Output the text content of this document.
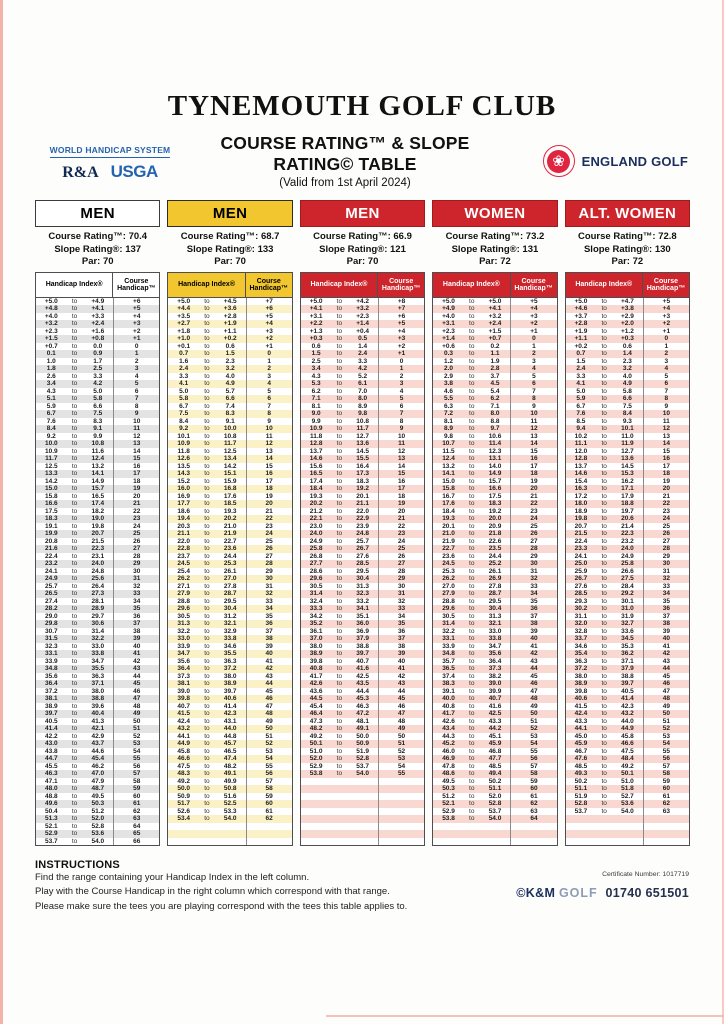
TYNEMOUTH GOLF CLUB
WORLD HANDICAP SYSTEM
R&A USGA
COURSE RATING™ & SLOPE RATING© TABLE
(Valid from 1st April 2024)
❀	ENGLAND GOLF
MEN
Course Rating™: 70.4
Slope Rating®: 137
Par: 70
Handicap Index®	Course Handicap™
+5.0	to	+4.9	+6
+4.8	to	+4.1	+5
+4.0	to	+3.3	+4
+3.2	to	+2.4	+3
+2.3	to	+1.6	+2
+1.5	to	+0.8	+1
+0.7	to	0.0	0
0.1	to	0.9	1
1.0	to	1.7	2
1.8	to	2.5	3
2.6	to	3.3	4
3.4	to	4.2	5
4.3	to	5.0	6
5.1	to	5.8	7
5.9	to	6.6	8
6.7	to	7.5	9
7.6	to	8.3	10
8.4	to	9.1	11
9.2	to	9.9	12
10.0	to	10.8	13
10.9	to	11.6	14
11.7	to	12.4	15
12.5	to	13.2	16
13.3	to	14.1	17
14.2	to	14.9	18
15.0	to	15.7	19
15.8	to	16.5	20
16.6	to	17.4	21
17.5	to	18.2	22
18.3	to	19.0	23
19.1	to	19.8	24
19.9	to	20.7	25
20.8	to	21.5	26
21.6	to	22.3	27
22.4	to	23.1	28
23.2	to	24.0	29
24.1	to	24.8	30
24.9	to	25.6	31
25.7	to	26.4	32
26.5	to	27.3	33
27.4	to	28.1	34
28.2	to	28.9	35
29.0	to	29.7	36
29.8	to	30.6	37
30.7	to	31.4	38
31.5	to	32.2	39
32.3	to	33.0	40
33.1	to	33.8	41
33.9	to	34.7	42
34.8	to	35.5	43
35.6	to	36.3	44
36.4	to	37.1	45
37.2	to	38.0	46
38.1	to	38.8	47
38.9	to	39.6	48
39.7	to	40.4	49
40.5	to	41.3	50
41.4	to	42.1	51
42.2	to	42.9	52
43.0	to	43.7	53
43.8	to	44.6	54
44.7	to	45.4	55
45.5	to	46.2	56
46.3	to	47.0	57
47.1	to	47.9	58
48.0	to	48.7	59
48.8	to	49.5	60
49.6	to	50.3	61
50.4	to	51.2	62
51.3	to	52.0	63
52.1	to	52.8	64
52.9	to	53.6	65
53.7	to	54.0	66
MEN
Course Rating™: 68.7
Slope Rating®: 133
Par: 70
Handicap Index®	Course Handicap™
+5.0	to	+4.5	+7
+4.4	to	+3.6	+6
+3.5	to	+2.8	+5
+2.7	to	+1.9	+4
+1.8	to	+1.1	+3
+1.0	to	+0.2	+2
+0.1	to	0.6	+1
0.7	to	1.5	0
1.6	to	2.3	1
2.4	to	3.2	2
3.3	to	4.0	3
4.1	to	4.9	4
5.0	to	5.7	5
5.8	to	6.6	6
6.7	to	7.4	7
7.5	to	8.3	8
8.4	to	9.1	9
9.2	to	10.0	10
10.1	to	10.8	11
10.9	to	11.7	12
11.8	to	12.5	13
12.6	to	13.4	14
13.5	to	14.2	15
14.3	to	15.1	16
15.2	to	15.9	17
16.0	to	16.8	18
16.9	to	17.6	19
17.7	to	18.5	20
18.6	to	19.3	21
19.4	to	20.2	22
20.3	to	21.0	23
21.1	to	21.9	24
22.0	to	22.7	25
22.8	to	23.6	26
23.7	to	24.4	27
24.5	to	25.3	28
25.4	to	26.1	29
26.2	to	27.0	30
27.1	to	27.8	31
27.9	to	28.7	32
28.8	to	29.5	33
29.6	to	30.4	34
30.5	to	31.2	35
31.3	to	32.1	36
32.2	to	32.9	37
33.0	to	33.8	38
33.9	to	34.6	39
34.7	to	35.5	40
35.6	to	36.3	41
36.4	to	37.2	42
37.3	to	38.0	43
38.1	to	38.9	44
39.0	to	39.7	45
39.8	to	40.6	46
40.7	to	41.4	47
41.5	to	42.3	48
42.4	to	43.1	49
43.2	to	44.0	50
44.1	to	44.8	51
44.9	to	45.7	52
45.8	to	46.5	53
46.6	to	47.4	54
47.5	to	48.2	55
48.3	to	49.1	56
49.2	to	49.9	57
50.0	to	50.8	58
50.9	to	51.6	59
51.7	to	52.5	60
52.6	to	53.3	61
53.4	to	54.0	62
MEN
Course Rating™: 66.9
Slope Rating®: 121
Par: 70
Handicap Index®	Course Handicap™
+5.0	to	+4.2	+8
+4.1	to	+3.2	+7
+3.1	to	+2.3	+6
+2.2	to	+1.4	+5
+1.3	to	+0.4	+4
+0.3	to	0.5	+3
0.6	to	1.4	+2
1.5	to	2.4	+1
2.5	to	3.3	0
3.4	to	4.2	1
4.3	to	5.2	2
5.3	to	6.1	3
6.2	to	7.0	4
7.1	to	8.0	5
8.1	to	8.9	6
9.0	to	9.8	7
9.9	to	10.8	8
10.9	to	11.7	9
11.8	to	12.7	10
12.8	to	13.6	11
13.7	to	14.5	12
14.6	to	15.5	13
15.6	to	16.4	14
16.5	to	17.3	15
17.4	to	18.3	16
18.4	to	19.2	17
19.3	to	20.1	18
20.2	to	21.1	19
21.2	to	22.0	20
22.1	to	22.9	21
23.0	to	23.9	22
24.0	to	24.8	23
24.9	to	25.7	24
25.8	to	26.7	25
26.8	to	27.6	26
27.7	to	28.5	27
28.6	to	29.5	28
29.6	to	30.4	29
30.5	to	31.3	30
31.4	to	32.3	31
32.4	to	33.2	32
33.3	to	34.1	33
34.2	to	35.1	34
35.2	to	36.0	35
36.1	to	36.9	36
37.0	to	37.9	37
38.0	to	38.8	38
38.9	to	39.7	39
39.8	to	40.7	40
40.8	to	41.6	41
41.7	to	42.5	42
42.6	to	43.5	43
43.6	to	44.4	44
44.5	to	45.3	45
45.4	to	46.3	46
46.4	to	47.2	47
47.3	to	48.1	48
48.2	to	49.1	49
49.2	to	50.0	50
50.1	to	50.9	51
51.0	to	51.9	52
52.0	to	52.8	53
52.9	to	53.7	54
53.8	to	54.0	55
WOMEN
Course Rating™: 73.2
Slope Rating®: 131
Par: 72
Handicap Index®	Course Handicap™
+5.0	to	+5.0	+5
+4.9	to	+4.1	+4
+4.0	to	+3.2	+3
+3.1	to	+2.4	+2
+2.3	to	+1.5	+1
+1.4	to	+0.7	0
+0.6	to	0.2	1
0.3	to	1.1	2
1.2	to	1.9	3
2.0	to	2.8	4
2.9	to	3.7	5
3.8	to	4.5	6
4.6	to	5.4	7
5.5	to	6.2	8
6.3	to	7.1	9
7.2	to	8.0	10
8.1	to	8.8	11
8.9	to	9.7	12
9.8	to	10.6	13
10.7	to	11.4	14
11.5	to	12.3	15
12.4	to	13.1	16
13.2	to	14.0	17
14.1	to	14.9	18
15.0	to	15.7	19
15.8	to	16.6	20
16.7	to	17.5	21
17.6	to	18.3	22
18.4	to	19.2	23
19.3	to	20.0	24
20.1	to	20.9	25
21.0	to	21.8	26
21.9	to	22.6	27
22.7	to	23.5	28
23.6	to	24.4	29
24.5	to	25.2	30
25.3	to	26.1	31
26.2	to	26.9	32
27.0	to	27.8	33
27.9	to	28.7	34
28.8	to	29.5	35
29.6	to	30.4	36
30.5	to	31.3	37
31.4	to	32.1	38
32.2	to	33.0	39
33.1	to	33.8	40
33.9	to	34.7	41
34.8	to	35.6	42
35.7	to	36.4	43
36.5	to	37.3	44
37.4	to	38.2	45
38.3	to	39.0	46
39.1	to	39.9	47
40.0	to	40.7	48
40.8	to	41.6	49
41.7	to	42.5	50
42.6	to	43.3	51
43.4	to	44.2	52
44.3	to	45.1	53
45.2	to	45.9	54
46.0	to	46.8	55
46.9	to	47.7	56
47.8	to	48.5	57
48.6	to	49.4	58
49.5	to	50.2	59
50.3	to	51.1	60
51.2	to	52.0	61
52.1	to	52.8	62
52.9	to	53.7	63
53.8	to	54.0	64
ALT. WOMEN
Course Rating™: 72.8
Slope Rating®: 130
Par: 72
Handicap Index®	Course Handicap™
+5.0	to	+4.7	+5
+4.6	to	+3.8	+4
+3.7	to	+2.9	+3
+2.8	to	+2.0	+2
+1.9	to	+1.2	+1
+1.1	to	+0.3	0
+0.2	to	0.6	1
0.7	to	1.4	2
1.5	to	2.3	3
2.4	to	3.2	4
3.3	to	4.0	5
4.1	to	4.9	6
5.0	to	5.8	7
5.9	to	6.6	8
6.7	to	7.5	9
7.6	to	8.4	10
8.5	to	9.3	11
9.4	to	10.1	12
10.2	to	11.0	13
11.1	to	11.9	14
12.0	to	12.7	15
12.8	to	13.6	16
13.7	to	14.5	17
14.6	to	15.3	18
15.4	to	16.2	19
16.3	to	17.1	20
17.2	to	17.9	21
18.0	to	18.8	22
18.9	to	19.7	23
19.8	to	20.6	24
20.7	to	21.4	25
21.5	to	22.3	26
22.4	to	23.2	27
23.3	to	24.0	28
24.1	to	24.9	29
25.0	to	25.8	30
25.9	to	26.6	31
26.7	to	27.5	32
27.6	to	28.4	33
28.5	to	29.2	34
29.3	to	30.1	35
30.2	to	31.0	36
31.1	to	31.9	37
32.0	to	32.7	38
32.8	to	33.6	39
33.7	to	34.5	40
34.6	to	35.3	41
35.4	to	36.2	42
36.3	to	37.1	43
37.2	to	37.9	44
38.0	to	38.8	45
38.9	to	39.7	46
39.8	to	40.5	47
40.6	to	41.4	48
41.5	to	42.3	49
42.4	to	43.2	50
43.3	to	44.0	51
44.1	to	44.9	52
45.0	to	45.8	53
45.9	to	46.6	54
46.7	to	47.5	55
47.6	to	48.4	56
48.5	to	49.2	57
49.3	to	50.1	58
50.2	to	51.0	59
51.1	to	51.8	60
51.9	to	52.7	61
52.8	to	53.6	62
53.7	to	54.0	63
INSTRUCTIONS
Find the range containing your Handicap Index in the left column.
Play with the Course Handicap in the right column which correspond with that range.
Please make sure the tees you are playing correspond with the tees this table applies to.
Certificate Number: 1017719
©K&M GOLF 01740 651501
